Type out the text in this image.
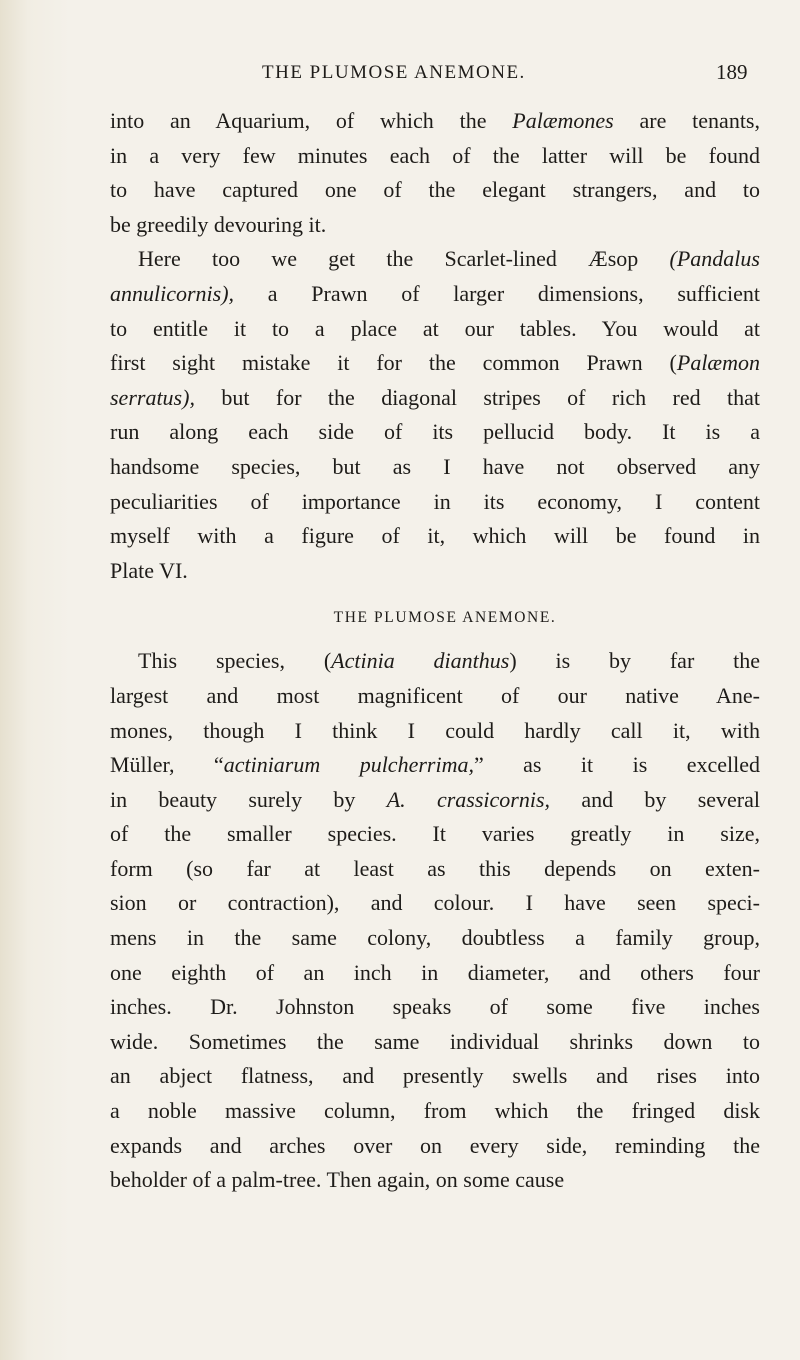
THE PLUMOSE ANEMONE.	189
into an Aquarium, of which the Palæmones are tenants,
in a very few minutes each of the latter will be found
to have captured one of the elegant strangers, and to
be greedily devouring it.
Here too we get the Scarlet-lined Æsop (Pandalus
annulicornis), a Prawn of larger dimensions, sufficient
to entitle it to a place at our tables. You would at
first sight mistake it for the common Prawn (Palæmon
serratus), but for the diagonal stripes of rich red that
run along each side of its pellucid body. It is a
handsome species, but as I have not observed any
peculiarities of importance in its economy, I content
myself with a figure of it, which will be found in
Plate VI.
THE PLUMOSE ANEMONE.
This species, (Actinia dianthus) is by far the
largest and most magnificent of our native Ane-
mones, though I think I could hardly call it, with
Müller, “actiniarum pulcherrima,” as it is excelled
in beauty surely by A. crassicornis, and by several
of the smaller species. It varies greatly in size,
form (so far at least as this depends on exten-
sion or contraction), and colour. I have seen speci-
mens in the same colony, doubtless a family group,
one eighth of an inch in diameter, and others four
inches. Dr. Johnston speaks of some five inches
wide. Sometimes the same individual shrinks down to
an abject flatness, and presently swells and rises into
a noble massive column, from which the fringed disk
expands and arches over on every side, reminding the
beholder of a palm-tree. Then again, on some cause
